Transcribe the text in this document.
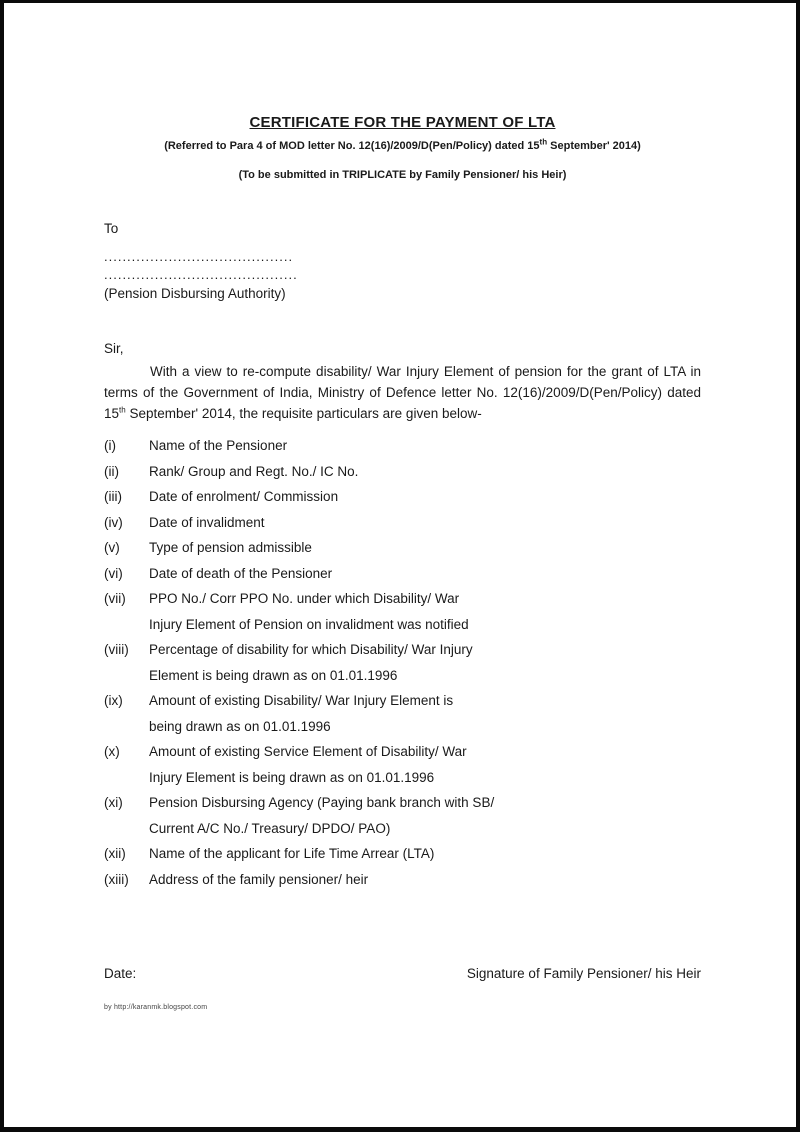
CERTIFICATE FOR THE PAYMENT OF LTA
(Referred to Para 4 of MOD letter No. 12(16)/2009/D(Pen/Policy) dated 15th September' 2014)
(To be submitted in TRIPLICATE by Family Pensioner/ his Heir)
To
.........................................
..........................................
(Pension Disbursing Authority)
Sir,

With a view to re-compute disability/ War Injury Element of pension for the grant of LTA in terms of the Government of India, Ministry of Defence letter No. 12(16)/2009/D(Pen/Policy) dated 15th September' 2014, the requisite particulars are given below-

(i)	Name of the Pensioner
(ii)	Rank/ Group and Regt. No./ IC No.
(iii)	Date of enrolment/ Commission
(iv)	Date of invalidment
(v)	Type of pension admissible
(vi)	Date of death of the Pensioner
(vii)	PPO No./ Corr PPO No. under which Disability/ War
Injury Element of Pension on invalidment was notified
(viii)	Percentage of disability for which Disability/ War Injury
Element is being drawn as on 01.01.1996
(ix)	Amount of existing Disability/ War Injury Element is
being drawn as on 01.01.1996
(x)	Amount of existing Service Element of Disability/ War
Injury Element is being drawn as on 01.01.1996
(xi)	Pension Disbursing Agency (Paying bank branch with SB/
Current A/C No./ Treasury/ DPDO/ PAO)
(xii)	Name of the applicant for Life Time Arrear (LTA)
(xiii)	Address of the family pensioner/ heir
Date:	Signature of Family Pensioner/ his Heir
by http://karanmk.blogspot.com
